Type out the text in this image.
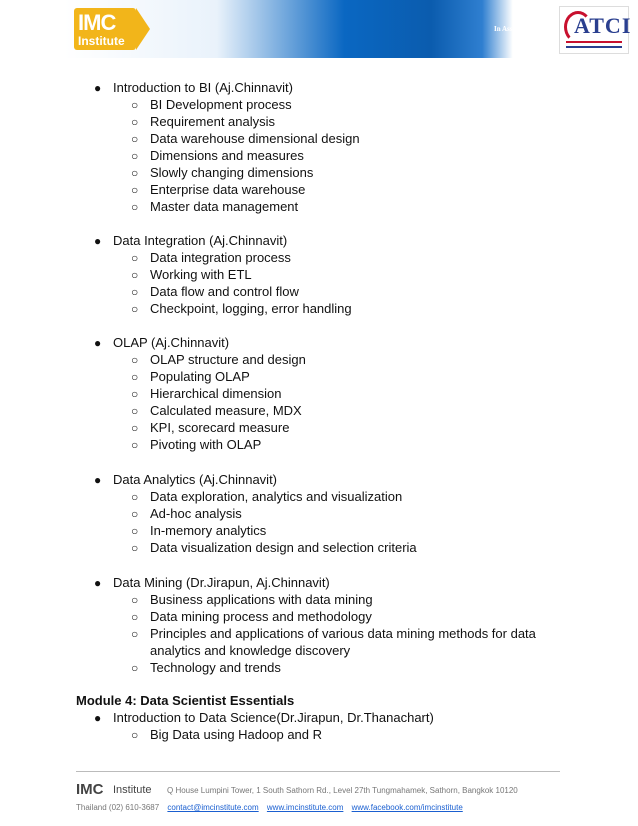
IMC
Institute
In Association with ATCI
● Introduction to BI (Aj.Chinnavit)
○ BI Development process
○ Requirement analysis
○ Data warehouse dimensional design
○ Dimensions and measures
○ Slowly changing dimensions
○ Enterprise data warehouse
○ Master data management
● Data Integration (Aj.Chinnavit)
○ Data integration process
○ Working with ETL
○ Data flow and control flow
○ Checkpoint, logging, error handling
● OLAP (Aj.Chinnavit)
○ OLAP structure and design
○ Populating OLAP
○ Hierarchical dimension
○ Calculated measure, MDX
○ KPI, scorecard measure
○ Pivoting with OLAP
● Data Analytics (Aj.Chinnavit)
○ Data exploration, analytics and visualization
○ Ad-hoc analysis
○ In-memory analytics
○ Data visualization design and selection criteria
● Data Mining (Dr.Jirapun, Aj.Chinnavit)
○ Business applications with data mining
○ Data mining process and methodology
○ Principles and applications of various data mining methods for data
analytics and knowledge discovery
○ Technology and trends
Module 4: Data Scientist Essentials
● Introduction to Data Science(Dr.Jirapun, Dr.Thanachart)
○ Big Data using Hadoop and R
IMC Institute Q House Lumpini Tower, 1 South Sathorn Rd., Level 27th Tungmahamek, Sathorn, Bangkok 10120
Thailand (02) 610-3687 contact@imcinstitute.com www.imcinstitute.com www.facebook.com/imcinstitute
